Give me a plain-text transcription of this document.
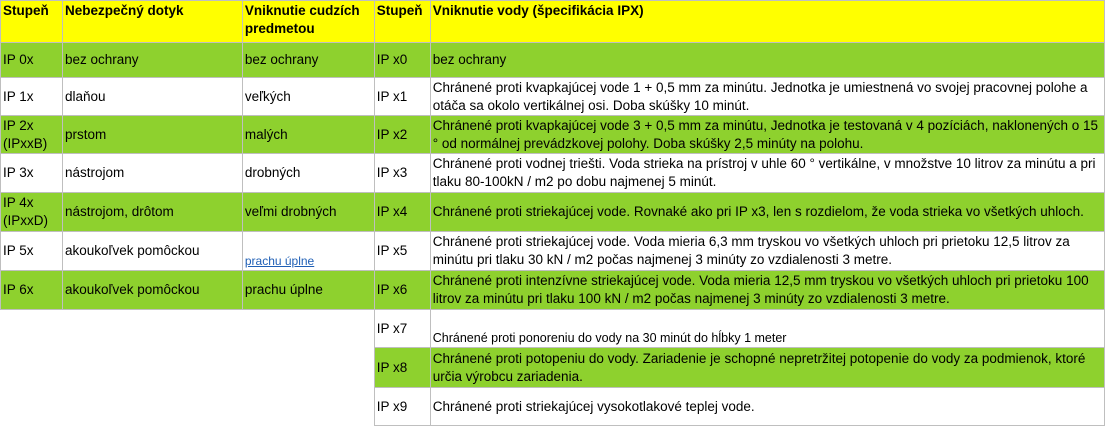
Stupeň	Nebezpečný dotyk	Vniknutie cudzích predmetou	Stupeň	Vniknutie vody (špecifikácia IPX)
IP 0x	bez ochrany	bez ochrany	IP x0	bez ochrany
IP 1x	dlaňou	veľkých	IP x1	Chránené proti kvapkajúcej vode 1 + 0,5 mm za minútu. Jednotka je umiestnená vo svojej pracovnej polohe a otáča sa okolo vertikálnej osi. Doba skúšky 10 minút.
IP 2x (IPxxB)	prstom	malých	IP x2	Chránené proti kvapkajúcej vode 3 + 0,5 mm za minútu, Jednotka je testovaná v 4 pozíciách, naklonených o 15 ° od normálnej prevádzkovej polohy. Doba skúšky 2,5 minúty na polohu.
IP 3x	nástrojom	drobných	IP x3	Chránené proti vodnej triešti. Voda strieka na prístroj v uhle 60 ° vertikálne, v množstve 10 litrov za minútu a pri tlaku 80-100kN / m2 po dobu najmenej 5 minút.
IP 4x (IPxxD)	nástrojom, drôtom	veľmi drobných	IP x4	Chránené proti striekajúcej vode. Rovnaké ako pri IP x3, len s rozdielom, že voda strieka vo všetkých uhloch.
IP 5x	akoukoľvek pomôckou	prachu úplne	IP x5	Chránené proti striekajúcej vode. Voda mieria 6,3 mm tryskou vo všetkých uhloch pri prietoku 12,5 litrov za minútu pri tlaku 30 kN / m2 počas najmenej 3 minúty zo vzdialenosti 3 metre.
IP 6x	akoukoľvek pomôckou	prachu úplne	IP x6	Chránené proti intenzívne striekajúcej vode. Voda mieria 12,5 mm tryskou vo všetkých uhloch pri prietoku 100 litrov za minútu pri tlaku 100 kN / m2 počas najmenej 3 minúty zo vzdialenosti 3 metre.
			IP x7	Chránené proti ponoreniu do vody na 30 minút do hĺbky 1 meter
			IP x8	Chránené proti potopeniu do vody. Zariadenie je schopné nepretržitej potopenie do vody za podmienok, ktoré určia výrobcu zariadenia.
			IP x9	Chránené proti striekajúcej vysokotlakové teplej vode.
